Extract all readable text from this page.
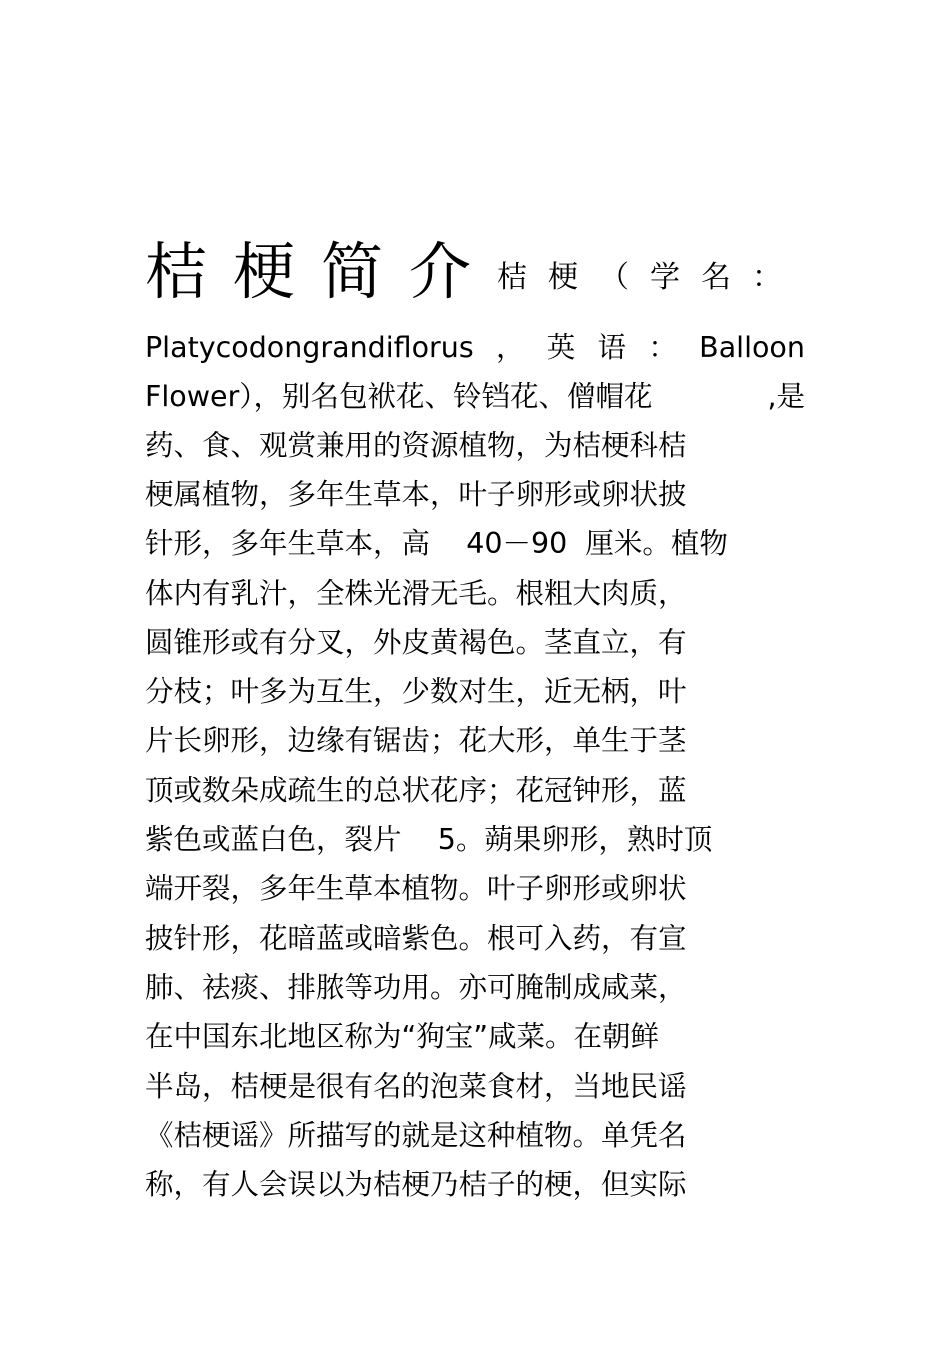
桔梗简介 桔梗（学名：
Platycodongrandiflorus ， 英 语 ： Balloon
Flower），别名包袱花、铃铛花、僧帽花	,是
药、食、观赏兼用的资源植物，为桔梗科桔
梗属植物，多年生草本，叶子卵形或卵状披
针形，多年生草本，高    40－90  厘米。植物
体内有乳汁，全株光滑无毛。根粗大肉质，
圆锥形或有分叉，外皮黄褐色。茎直立，有
分枝；叶多为互生，少数对生，近无柄，叶
片长卵形，边缘有锯齿；花大形，单生于茎
顶或数朵成疏生的总状花序；花冠钟形，蓝
紫色或蓝白色，裂片    5。蒴果卵形，熟时顶
端开裂，多年生草本植物。叶子卵形或卵状
披针形，花暗蓝或暗紫色。根可入药，有宣
肺、祛痰、排脓等功用。亦可腌制成咸菜，
在中国东北地区称为“狗宝”咸菜。在朝鲜
半岛，桔梗是很有名的泡菜食材，当地民谣
《桔梗谣》所描写的就是这种植物。单凭名
称，有人会误以为桔梗乃桔子的梗，但实际
